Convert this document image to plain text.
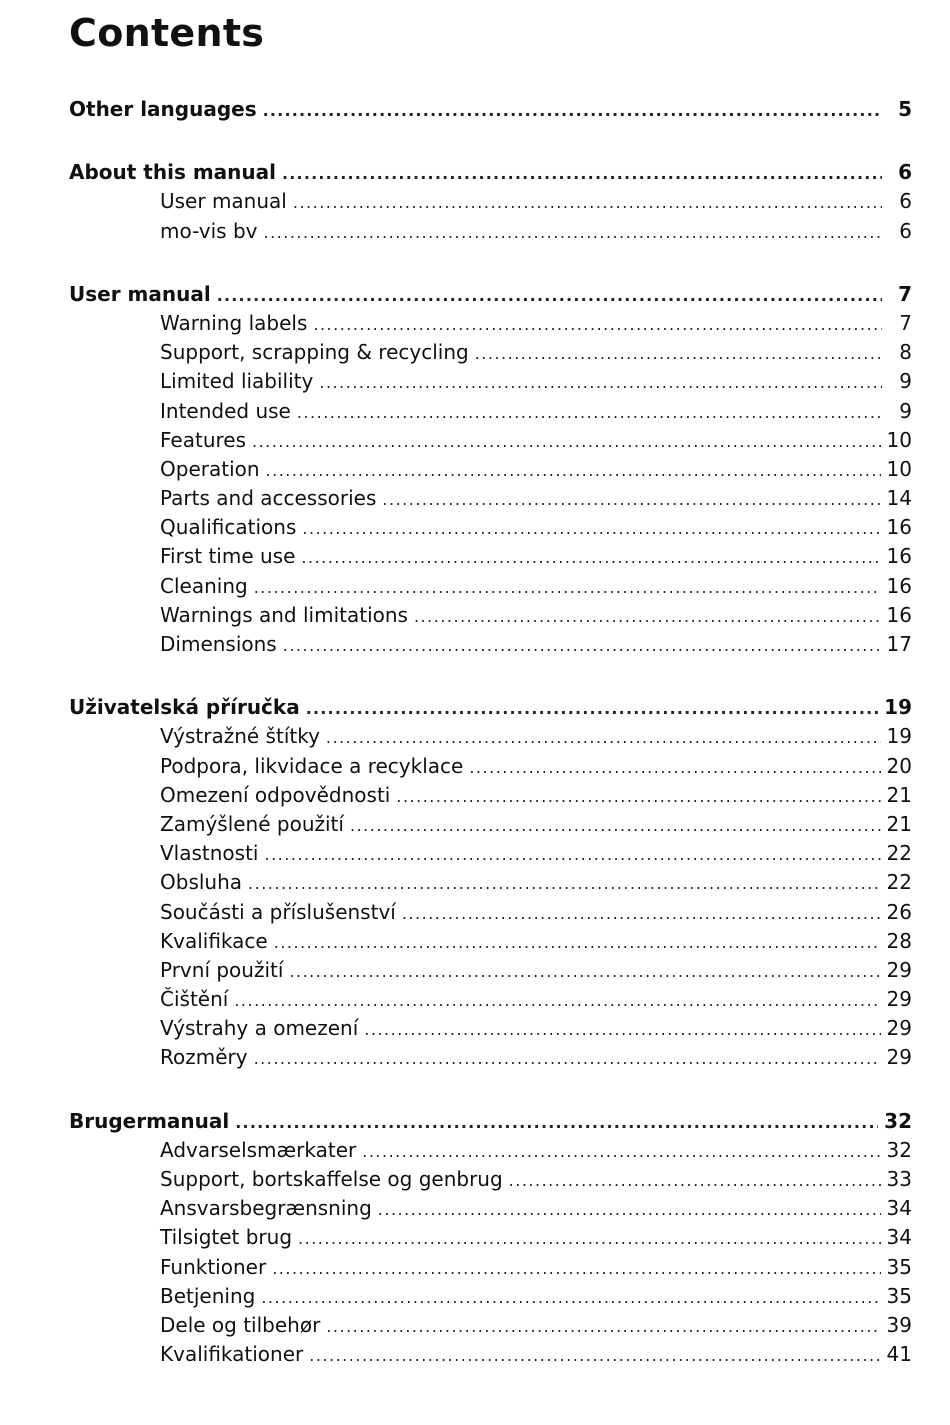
Contents
Other languages .....	5
About this manual .....	6
User manual .....	6
mo-vis bv .....	6
User manual .....	7
Warning labels .....	7
Support, scrapping & recycling .....	8
Limited liability .....	9
Intended use .....	9
Features .....	10
Operation .....	10
Parts and accessories .....	14
Qualifications .....	16
First time use .....	16
Cleaning .....	16
Warnings and limitations .....	16
Dimensions .....	17
Uživatelská příručka .....	19
Výstražné štítky .....	19
Podpora, likvidace a recyklace .....	20
Omezení odpovědnosti .....	21
Zamýšlené použití .....	21
Vlastnosti .....	22
Obsluha .....	22
Součásti a příslušenství .....	26
Kvalifikace .....	28
První použití .....	29
Čištění .....	29
Výstrahy a omezení .....	29
Rozměry .....	29
Brugermanual .....	32
Advarselsmærkater .....	32
Support, bortskaffelse og genbrug .....	33
Ansvarsbegrænsning .....	34
Tilsigtet brug .....	34
Funktioner .....	35
Betjening .....	35
Dele og tilbehør .....	39
Kvalifikationer .....	41
